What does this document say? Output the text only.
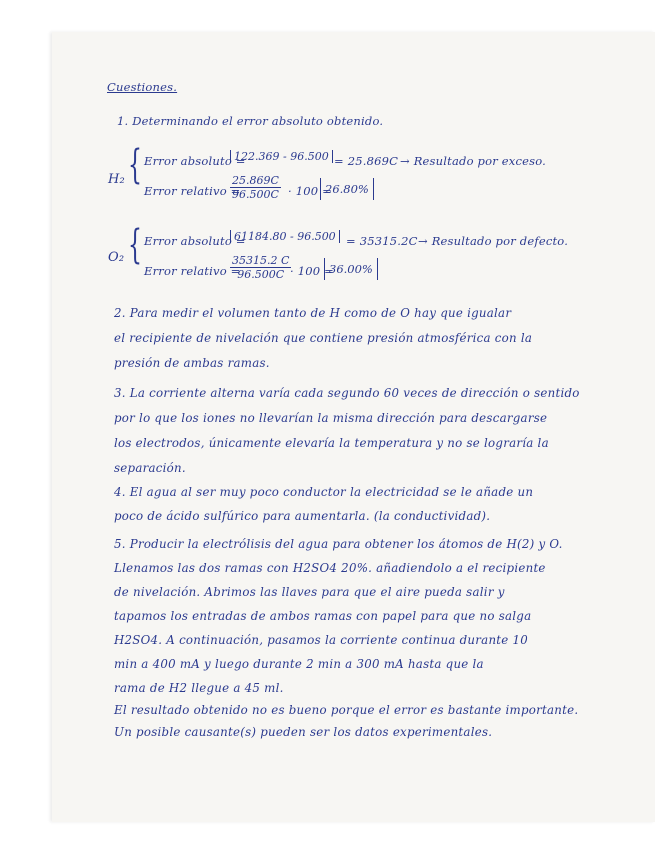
Cuestiones.
1. Determinando el error absoluto obtenido.
H₂ { Error absoluto =
122.369 - 96.500 = 25.869C → Resultado por exceso.
Error relativo =
$\frac{25.869C}{96.500C} \cdot 100$ =
26.80%
O₂ { Error absoluto =
61184.80 - 96.500 = 35315.2C → Resultado por defecto.
Error relativo =
$\frac{35315.2 C}{96.500C}$
· 100 =
36.00%
2. Para medir el volumen tanto de H como de O hay que igualar
el recipiente de nivelación que contiene presión atmosférica con la
presión de ambas ramas.
3. La corriente alterna varía cada segundo 60 veces de dirección o sentido
por lo que los iones no llevarían la misma dirección para descargarse
los electrodos, únicamente elevaría la temperatura y no se lograría la
separación.
4. El agua al ser muy poco conductor la electricidad se le añade un
poco de ácido sulfúrico para aumentarla. (la conductividad).
5. Producir la electrólisis del agua para obtener los átomos de H(2) y O.
Llenamos las dos ramas con H2SO4 20%. añadiendolo a el recipiente
de nivelación. Abrimos las llaves para que el aire pueda salir y
tapamos los entradas de ambos ramas con papel para que no salga
H2SO4. A continuación, pasamos la corriente continua durante 10
min a 400 mA y luego durante 2 min a 300 mA hasta que la
rama de H2 llegue a 45 ml.
El resultado obtenido no es bueno porque el error es bastante importante.
Un posible causante(s) pueden ser los datos experimentales.
